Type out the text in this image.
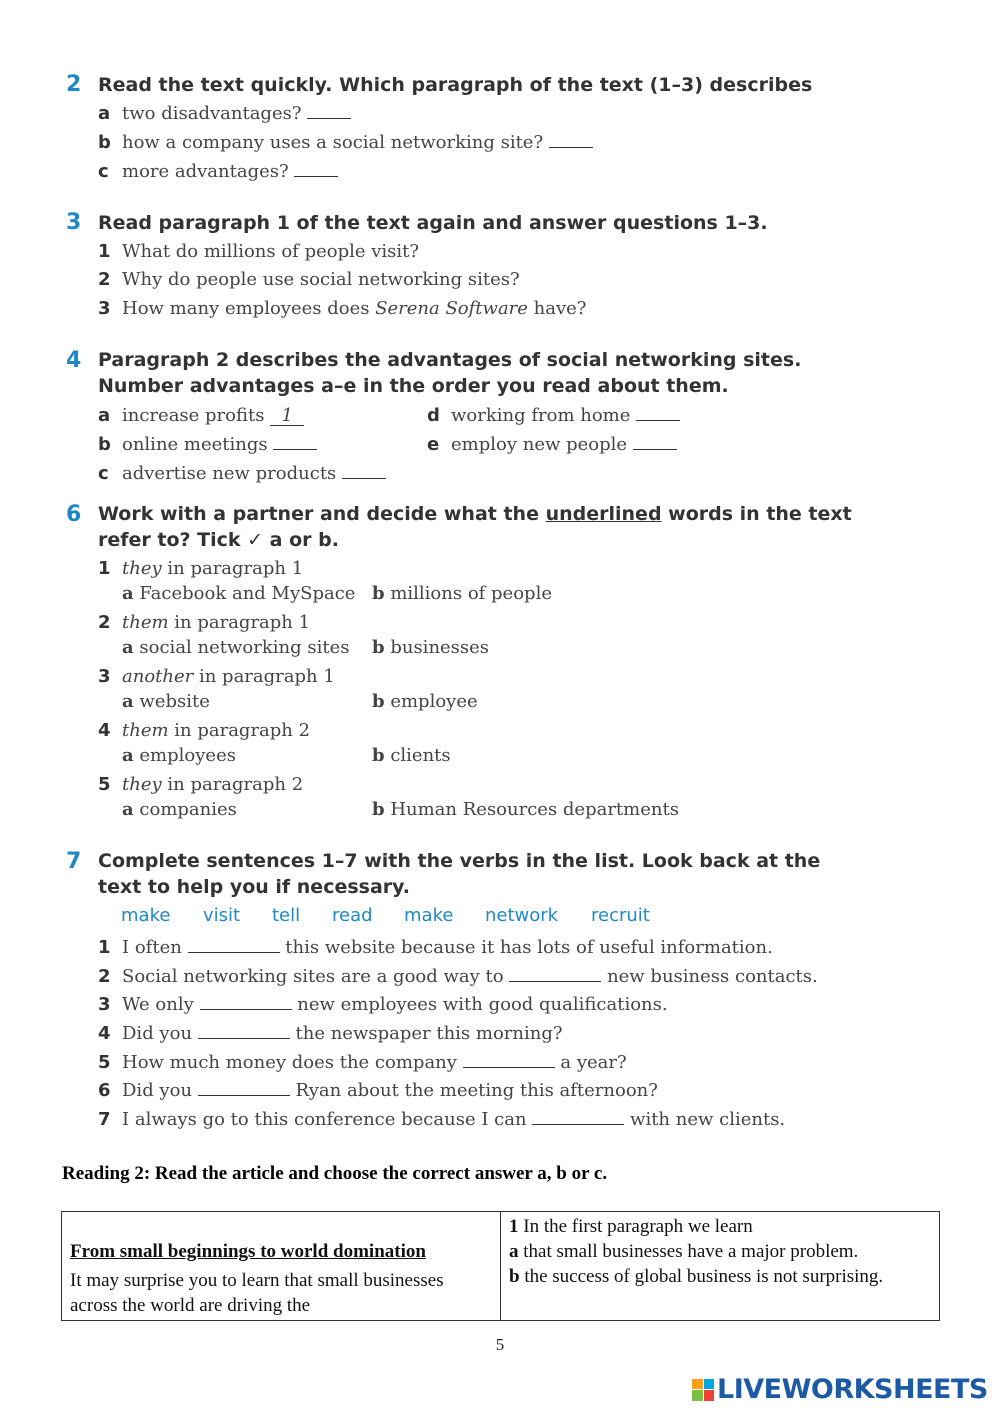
2 Read the text quickly. Which paragraph of the text (1–3) describes
a two disadvantages?
b how a company uses a social networking site?
c more advantages?
3 Read paragraph 1 of the text again and answer questions 1–3.
1 What do millions of people visit?
2 Why do people use social networking sites?
3 How many employees does Serena Software have?
4 Paragraph 2 describes the advantages of social networking sites. Number advantages a–e in the order you read about them.
a increase profits 1
b online meetings
c advertise new products
d working from home
e employ new people
6 Work with a partner and decide what the underlined words in the text refer to? Tick ✓ a or b.
1 they in paragraph 1
a Facebook and MySpace b millions of people
2 them in paragraph 1
a social networking sites b businesses
3 another in paragraph 1
a website	b employee
4 them in paragraph 2
a employees	b clients
5 they in paragraph 2
a companies	b Human Resources departments
7 Complete sentences 1–7 with the verbs in the list. Look back at the text to help you if necessary.
make visit tell read make network recruit
1 I often	this website because it has lots of useful information.
2 Social networking sites are a good way to	new business contacts.
3 We only	new employees with good qualifications.
4 Did you	the newspaper this morning?
5 How much money does the company	a year?
6 Did you	Ryan about the meeting this afternoon?
7 I always go to this conference because I can	with new clients.
Reading 2: Read the article and choose the correct answer a, b or c.
From small beginnings to world domination
It may surprise you to learn that small businesses across the world are driving the

1 In the first paragraph we learn
a that small businesses have a major problem.
b the success of global business is not surprising.
5
LIVEWORKSHEETS
